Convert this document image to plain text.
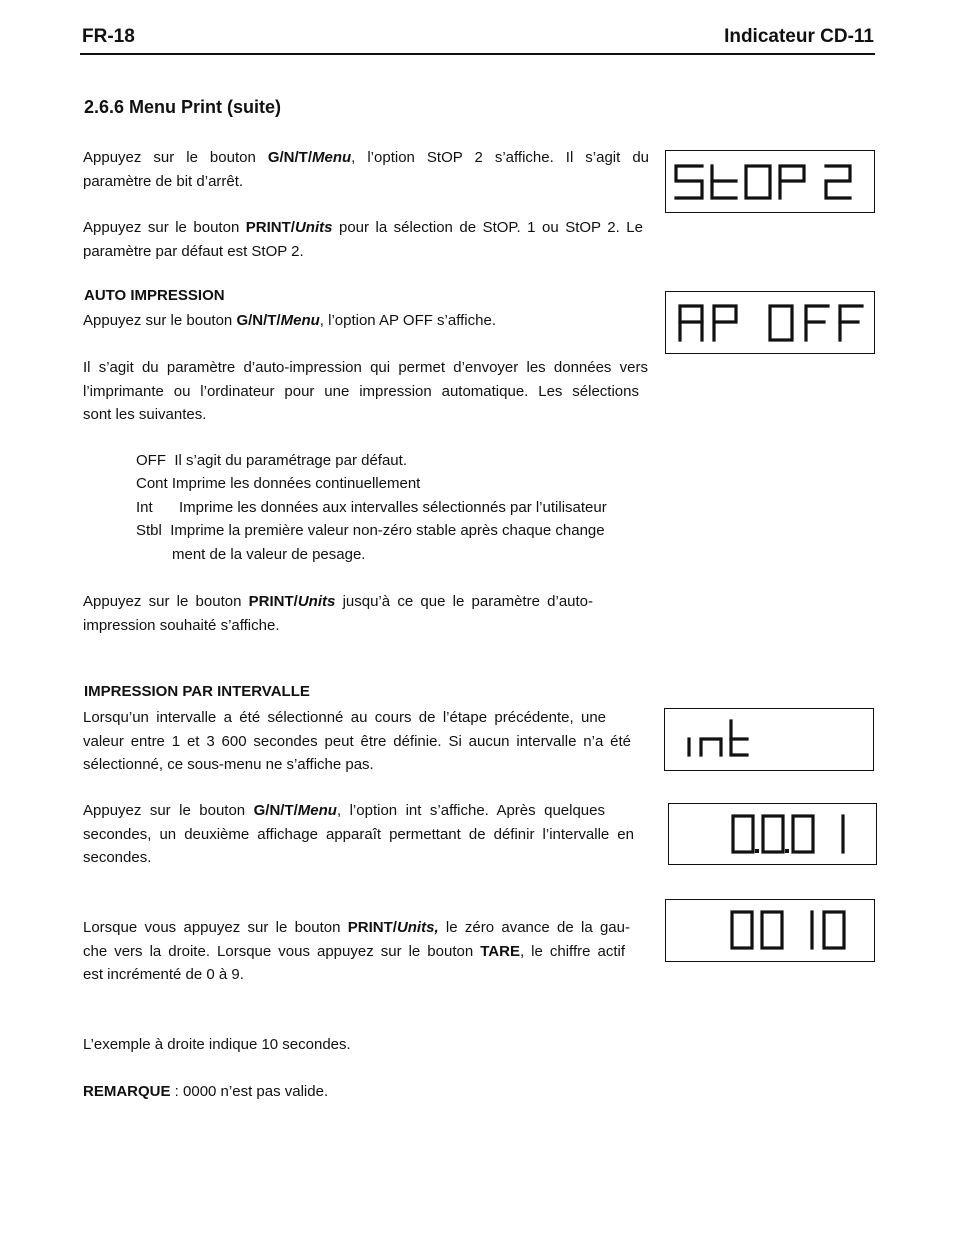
FR-18	Indicateur CD-11
2.6.6 Menu Print (suite)
Appuyez sur le bouton G/N/T/Menu, l’option StOP 2 s’affiche. Il s’agit du
paramètre de bit d’arrêt.
Appuyez sur le bouton PRINT/Units pour la sélection de StOP. 1 ou StOP 2. Le
paramètre par défaut est StOP 2.
AUTO IMPRESSION
Appuyez sur le bouton G/N/T/Menu, l’option AP OFF s’affiche.
Il s’agit du paramètre d’auto-impression qui permet d’envoyer les données vers
l’imprimante ou l’ordinateur pour une impression automatique. Les sélections
sont les suivantes.
OFF Il s’agit du paramétrage par défaut.
Cont Imprime les données continuellement
Int Imprime les données aux intervalles sélectionnés par l’utilisateur
Stbl Imprime la première valeur non-zéro stable après chaque change
ment de la valeur de pesage.
Appuyez sur le bouton PRINT/Units jusqu’à ce que le paramètre d’auto-
impression souhaité s’affiche.
IMPRESSION PAR INTERVALLE
Lorsqu’un intervalle a été sélectionné au cours de l’étape précédente, une
valeur entre 1 et 3 600 secondes peut être définie. Si aucun intervalle n’a été
sélectionné, ce sous-menu ne s’affiche pas.
Appuyez sur le bouton G/N/T/Menu, l’option int s’affiche. Après quelques
secondes, un deuxième affichage apparaît permettant de définir l’intervalle en
secondes.
Lorsque vous appuyez sur le bouton PRINT/Units, le zéro avance de la gau-
che vers la droite. Lorsque vous appuyez sur le bouton TARE, le chiffre actif
est incrémenté de 0 à 9.
L’exemple à droite indique 10 secondes.
REMARQUE : 0000 n’est pas valide.
